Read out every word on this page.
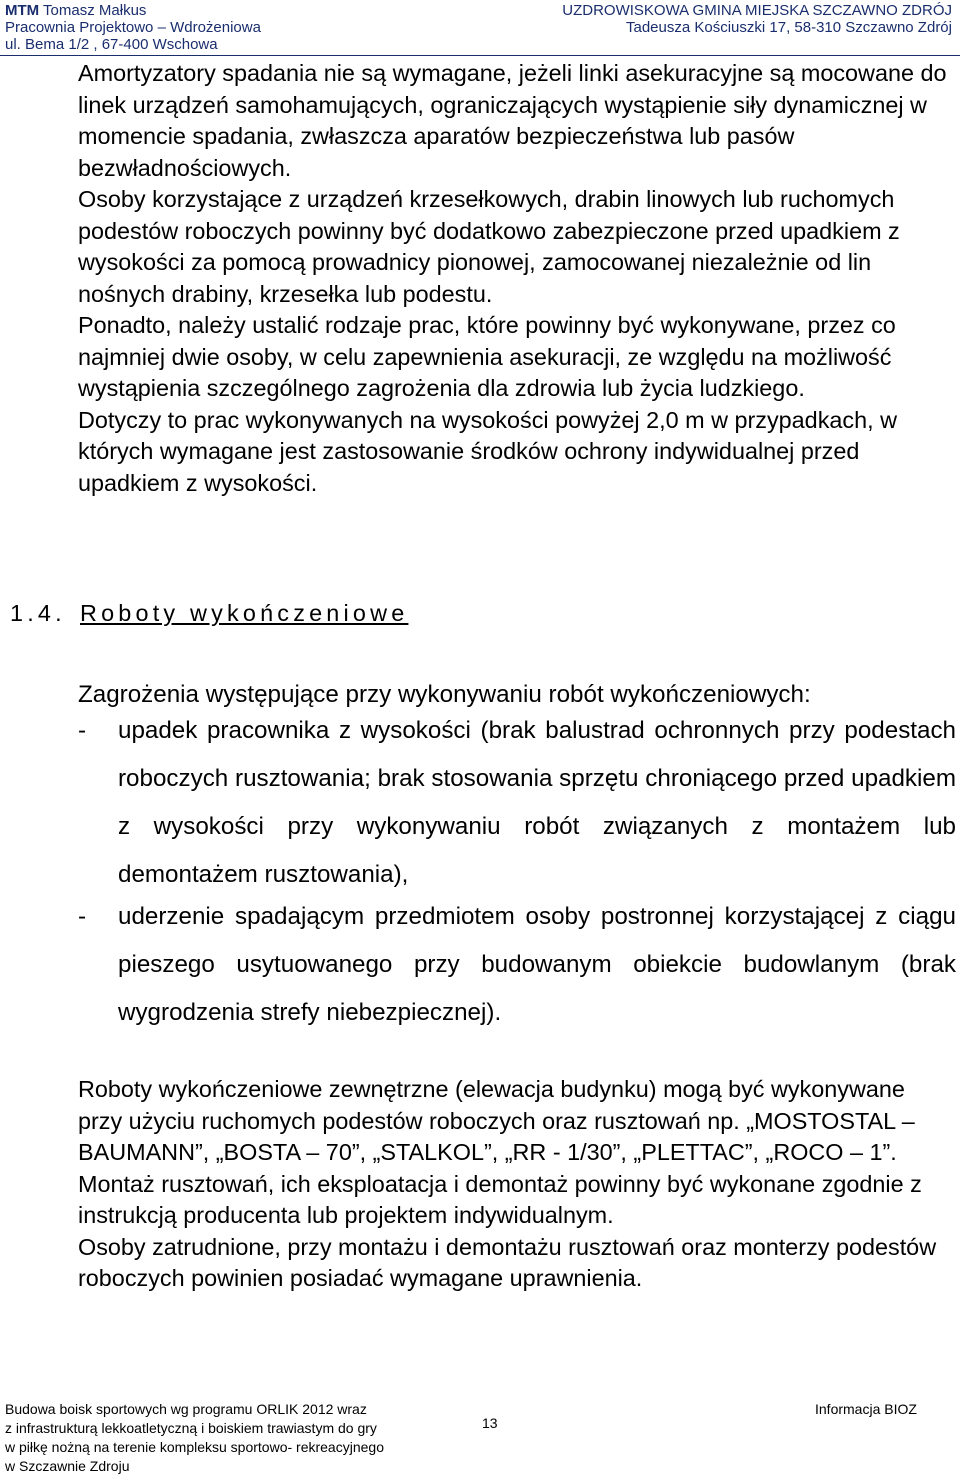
MTM Tomasz Małkus
Pracownia Projektowo – Wdrożeniowa
ul. Bema 1/2 , 67-400 Wschowa
UZDROWISKOWA GMINA MIEJSKA SZCZAWNO ZDRÓJ
Tadeusza Kościuszki 17, 58-310 Szczawno Zdrój

Amortyzatory spadania nie są wymagane, jeżeli linki asekuracyjne są mocowane do linek urządzeń samohamujących, ograniczających wystąpienie siły dynamicznej w momencie spadania, zwłaszcza aparatów bezpieczeństwa lub pasów bezwładnościowych.

Osoby korzystające z urządzeń krzesełkowych, drabin linowych lub ruchomych podestów roboczych powinny być dodatkowo zabezpieczone przed upadkiem z wysokości za pomocą prowadnicy pionowej, zamocowanej niezależnie od lin nośnych drabiny, krzesełka lub podestu.

Ponadto, należy ustalić rodzaje prac, które powinny być wykonywane, przez co najmniej dwie osoby, w celu zapewnienia asekuracji, ze względu na możliwość wystąpienia szczególnego zagrożenia dla zdrowia lub życia ludzkiego.

Dotyczy to prac wykonywanych na wysokości powyżej 2,0 m w przypadkach, w których wymagane jest zastosowanie środków ochrony indywidualnej przed upadkiem z wysokości.

1.4. Roboty wykończeniowe
Zagrożenia występujące przy wykonywaniu robót wykończeniowych:
- upadek pracownika z wysokości (brak balustrad ochronnych przy podestach roboczych rusztowania; brak stosowania sprzętu chroniącego przed upadkiem z wysokości przy wykonywaniu robót związanych z montażem lub demontażem rusztowania),
- uderzenie spadającym przedmiotem osoby postronnej korzystającej z ciągu pieszego usytuowanego przy budowanym obiekcie budowlanym (brak wygrodzenia strefy niebezpiecznej).

Roboty wykończeniowe zewnętrzne (elewacja budynku) mogą być wykonywane przy użyciu ruchomych podestów roboczych oraz rusztowań np. „MOSTOSTAL – BAUMANN”, „BOSTA – 70”, „STALKOL”, „RR - 1/30”, „PLETTAC”, „ROCO – 1”.

Montaż rusztowań, ich eksploatacja i demontaż powinny być wykonane zgodnie z instrukcją producenta lub projektem indywidualnym.

Osoby zatrudnione, przy montażu i demontażu rusztowań oraz monterzy podestów roboczych powinien posiadać wymagane uprawnienia.

Budowa boisk sportowych wg programu ORLIK 2012 wraz
z infrastrukturą lekkoatletyczną i boiskiem trawiastym do gry
w piłkę nożną na terenie kompleksu sportowo- rekreacyjnego
w Szczawnie Zdroju
13
Informacja BIOZ
